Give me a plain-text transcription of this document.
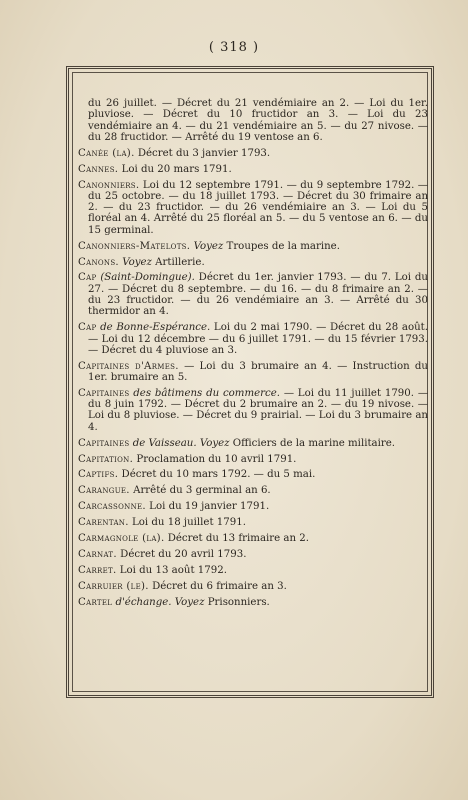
( 318 )

du 26 juillet. — Décret du 21 vendémiaire an 2. — Loi du 1er. pluviose. — Décret du 10 fructidor an 3. — Loi du 23 vendémiaire an 4. — du 21 vendémiaire an 5. — du 27 nivose. — du 28 fructidor. — Arrêté du 19 ventose an 6.

Canée (la). Décret du 3 janvier 1793.

Cannes. Loi du 20 mars 1791.

Canonniers. Loi du 12 septembre 1791. — du 9 septembre 1792. — du 25 octobre. — du 18 juillet 1793. — Décret du 30 frimaire an 2. — du 23 fructidor. — du 26 vendémiaire an 3. — Loi du 5 floréal an 4. Arrêté du 25 floréal an 5. — du 5 ventose an 6. — du 15 germinal.

Canonniers-Matelots. Voyez Troupes de la marine.

Canons. Voyez Artillerie.

Cap (Saint-Domingue). Décret du 1er. janvier 1793. — du 7. Loi du 27. — Décret du 8 septembre. — du 16. — du 8 frimaire an 2. — du 23 fructidor. — du 26 vendémiaire an 3. — Arrêté du 30 thermidor an 4.

Cap de Bonne-Espérance. Loi du 2 mai 1790. — Décret du 28 août. — Loi du 12 décembre — du 6 juillet 1791. — du 15 février 1793. — Décret du 4 pluviose an 3.

Capitaines d'Armes. — Loi du 3 brumaire an 4. — Instruction du 1er. brumaire an 5.

Capitaines des bâtimens du commerce. — Loi du 11 juillet 1790. — du 8 juin 1792. — Décret du 2 brumaire an 2. — du 19 nivose. — Loi du 8 pluviose. — Décret du 9 prairial. — Loi du 3 brumaire an 4.

Capitaines de Vaisseau. Voyez Officiers de la marine militaire.

Capitation. Proclamation du 10 avril 1791.

Captifs. Décret du 10 mars 1792. — du 5 mai.

Carangue. Arrêté du 3 germinal an 6.

Carcassonne. Loi du 19 janvier 1791.

Carentan. Loi du 18 juillet 1791.

Carmagnole (la). Décret du 13 frimaire an 2.

Carnat. Décret du 20 avril 1793.

Carret. Loi du 13 août 1792.

Carruier (le). Décret du 6 frimaire an 3.

Cartel d'échange. Voyez Prisonniers.
